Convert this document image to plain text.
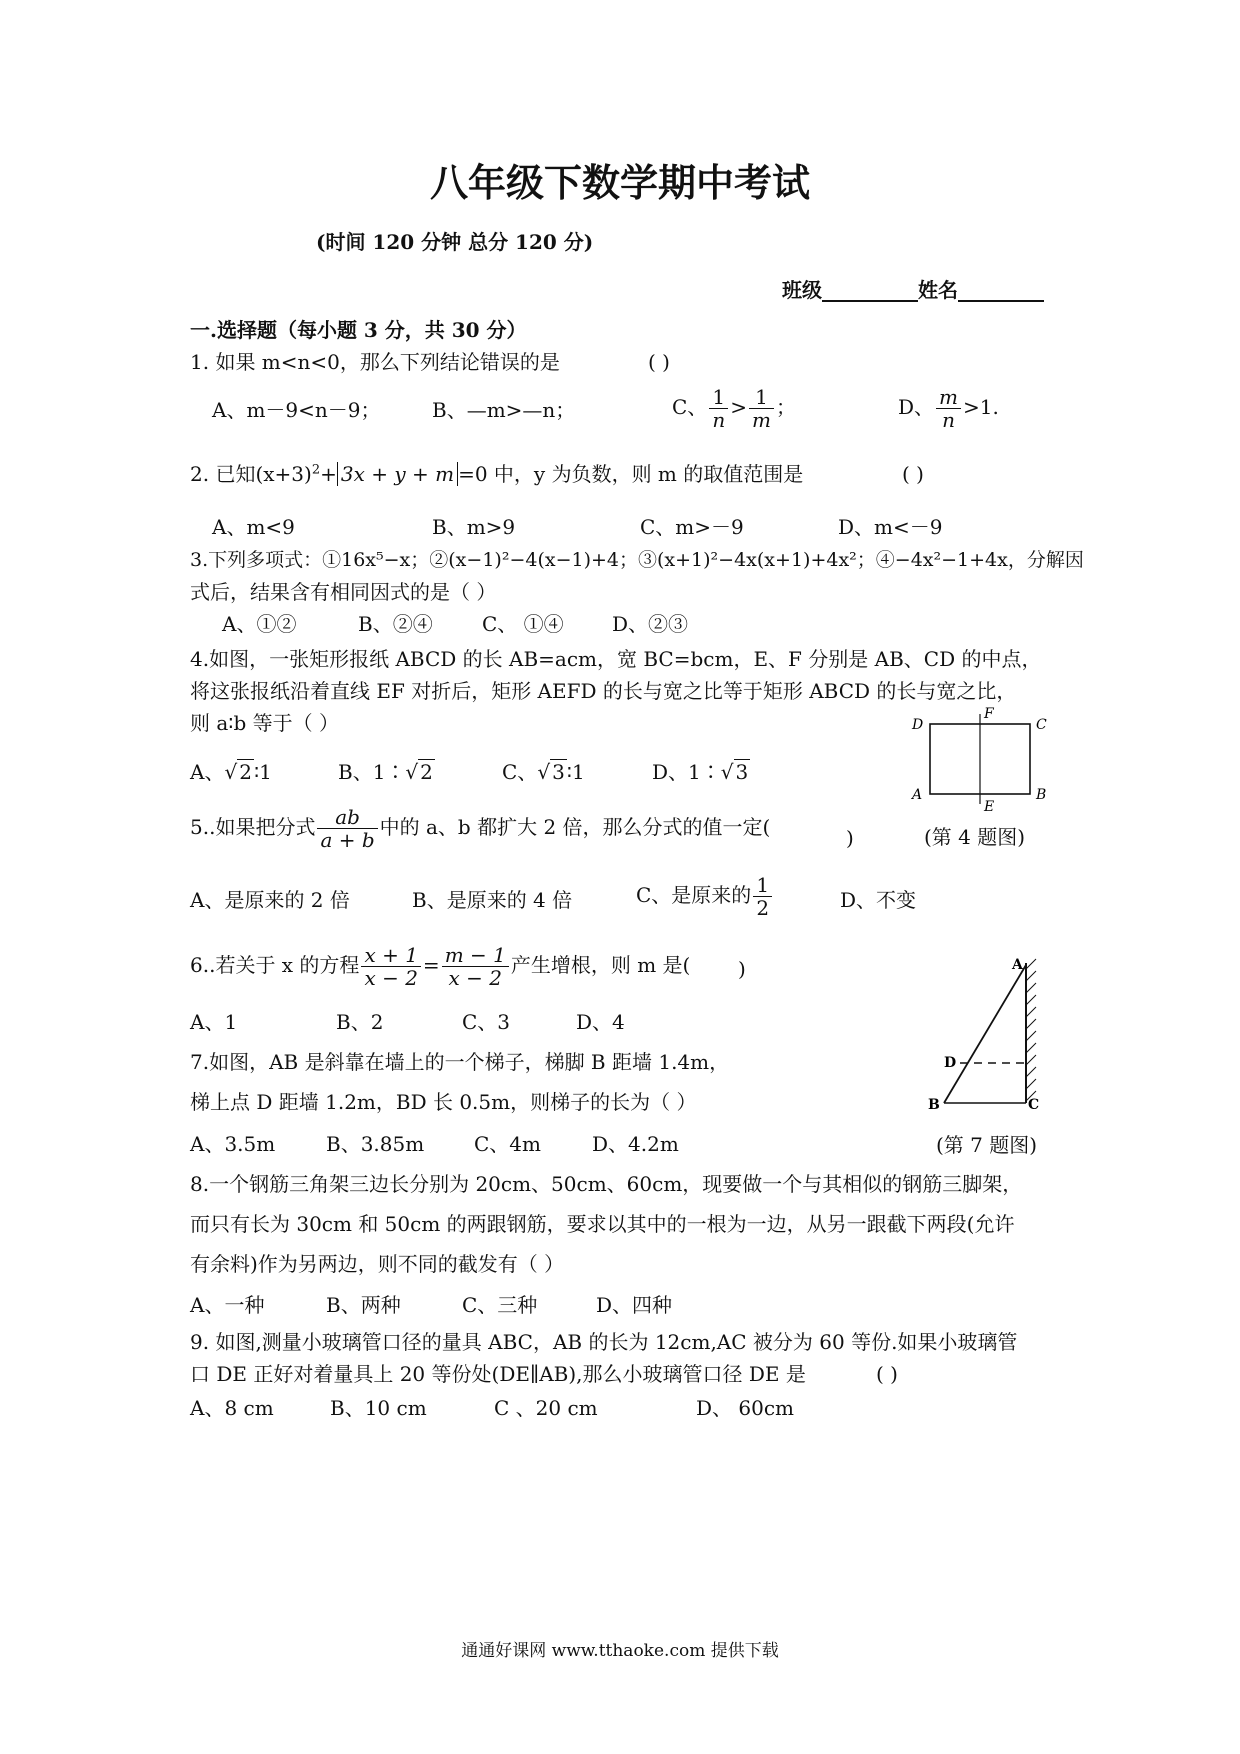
八年级下数学期中考试
(时间 120 分钟 总分 120 分)
班级	姓名
一.选择题（每小题 3 分，共 30 分）
1. 如果 m<n<0，那么下列结论错误的是	( )
A、m－9<n－9；	B、—m>—n；	C、 $\frac{1}{n} > \frac{1}{m}$ ；	D、 $\frac{m}{n} >1$.
2. 已知$(x+3)^2+ 3x + y + m =0$ 中，y 为负数，则 m 的取值范围是	( )
A、m<9	B、m>9	C、m>－9	D、m<－9
3.下列多项式：①16x⁵−x；②(x−1)²−4(x−1)+4；③(x+1)²−4x(x+1)+4x²；④−4x²−1+4x，分解因
式后，结果含有相同因式的是（ ）
A、①②	B、②④ C、 ①④ D、②③
4.如图，一张矩形报纸 ABCD 的长 AB=acm，宽 BC=bcm，E、F 分别是 AB、CD 的中点，
将这张报纸沿着直线 EF 对折后，矩形 AEFD 的长与宽之比等于矩形 ABCD 的长与宽之比，
则 a∶b 等于（ ）
A、√ 2 ∶1	B、1∶√ 2	C、√ 3 ∶1	D、1∶√ 3
D
F
C
A
E
B
(第 4 题图)
5..如果把分式 $\frac{ab}{a + b}$ 中的 a、b 都扩大 2 倍，那么分式的值一定(	)
A、是原来的 2 倍	B、是原来的 4 倍	C、是原来的 $\frac{1}{2}$	D、不变
6..若关于 x 的方程 $\frac{x + 1}{x - 2} = \frac{m - 1}{x - 2}$ 产生增根，则 m 是( )
A、1	B、2	C、3	D、4
7.如图，AB 是斜靠在墙上的一个梯子，梯脚 B 距墙 1.4m，
梯上点 D 距墙 1.2m，BD 长 0.5m，则梯子的长为（ ）
A、3.5m	B、3.85m C、4m	D、4.2m
A
D
B	C
(第 7 题图)
8.一个钢筋三角架三边长分别为 20cm、50cm、60cm，现要做一个与其相似的钢筋三脚架，
而只有长为 30cm 和 50cm 的两跟钢筋，要求以其中的一根为一边，从另一跟截下两段(允许
有余料)作为另两边，则不同的截发有（ ）
A、一种	B、两种	C、三种	D、四种
9. 如图,测量小玻璃管口径的量具 ABC，AB 的长为 12cm,AC 被分为 60 等份.如果小玻璃管
口 DE 正好对着量具上 20 等份处(DE∥AB),那么小玻璃管口径 DE 是	( )
A、8 cm	B、10 cm	C 、20 cm	D、 60cm
通通好课网 www.tthaoke.com 提供下载
